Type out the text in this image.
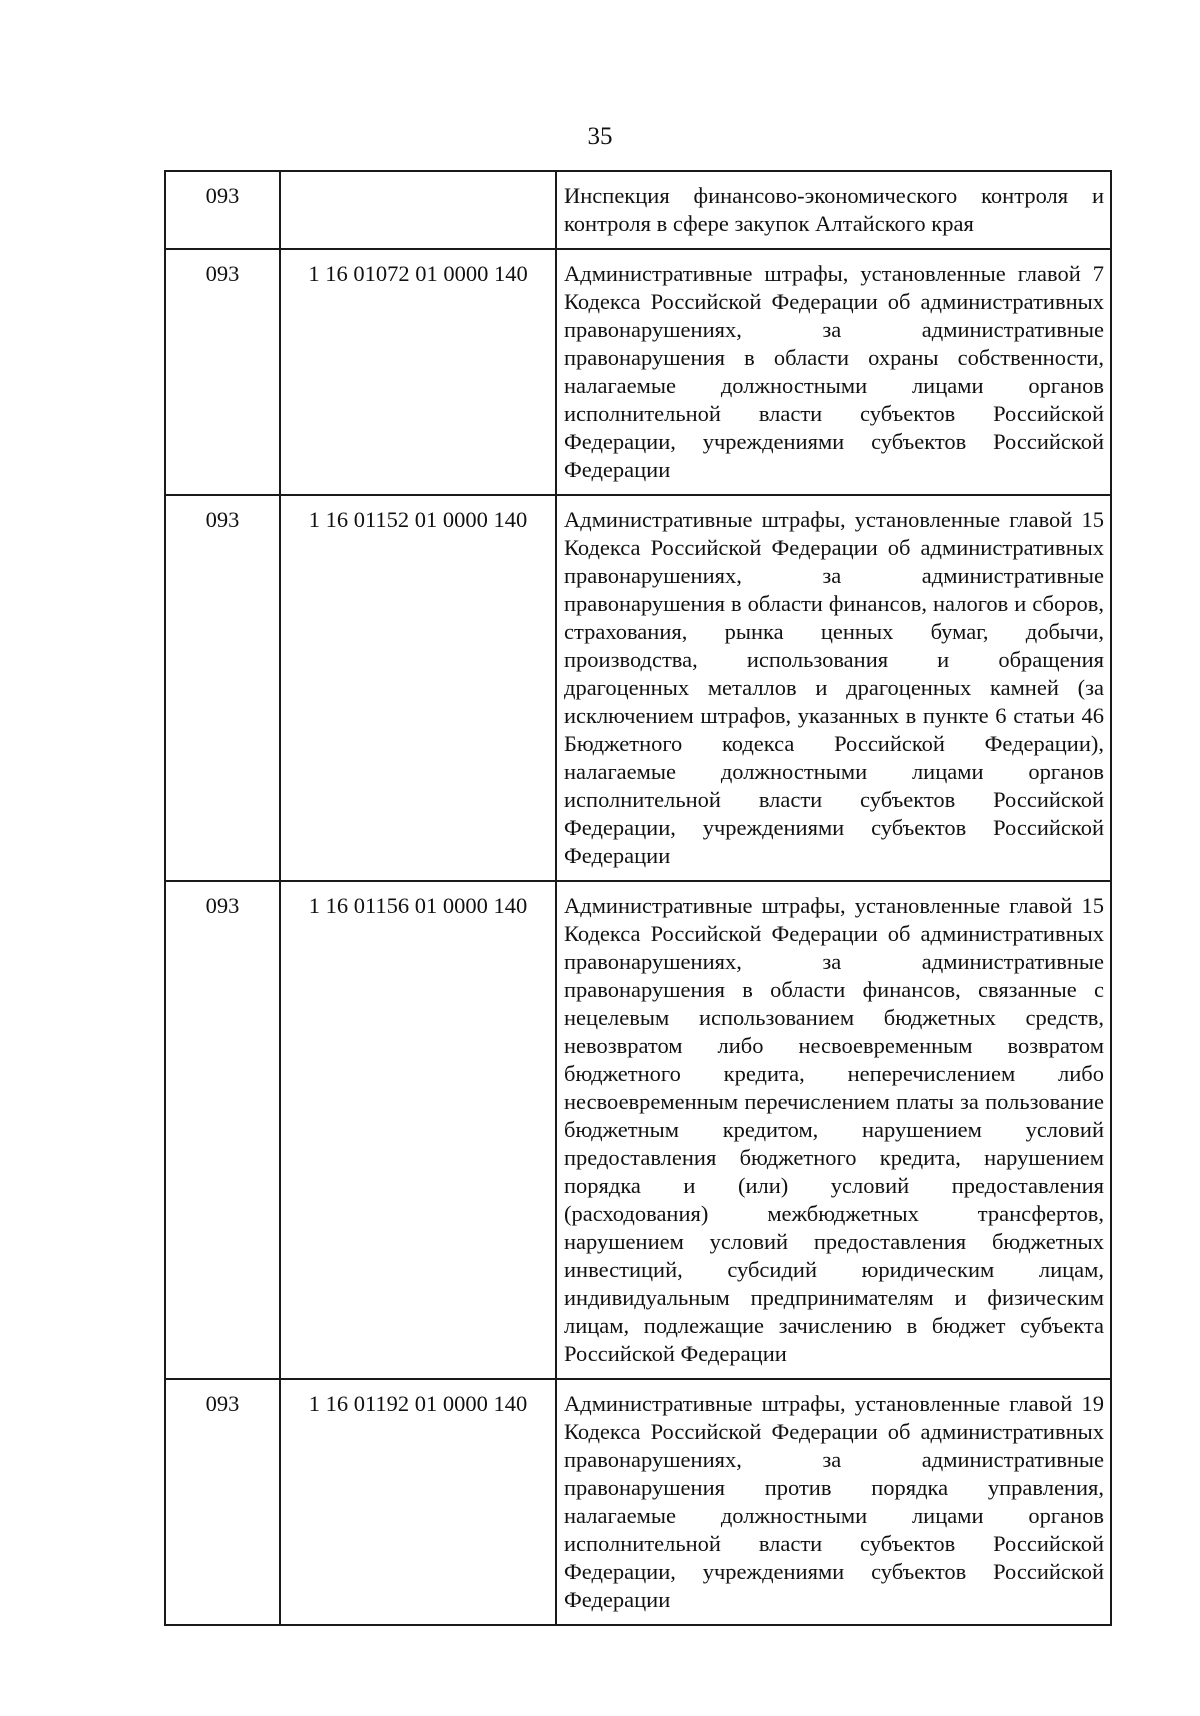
35
093		Инспекция финансово-экономического контроля и контроля в сфере закупок Алтайского края
093	1 16 01072 01 0000 140	Административные штрафы, установленные главой 7 Кодекса Российской Федерации об административных правонарушениях, за административные правонарушения в области охраны собственности, налагаемые должностными лицами органов исполнительной власти субъектов Российской Федерации, учреждениями субъектов Российской Федерации
093	1 16 01152 01 0000 140	Административные штрафы, установленные главой 15 Кодекса Российской Федерации об административных правонарушениях, за административные правонарушения в области финансов, налогов и сборов, страхования, рынка ценных бумаг, добычи, производства, использования и обращения драгоценных металлов и драгоценных камней (за исключением штрафов, указанных в пункте 6 статьи 46 Бюджетного кодекса Российской Федерации), налагаемые должностными лицами органов исполнительной власти субъектов Российской Федерации, учреждениями субъектов Российской Федерации
093	1 16 01156 01 0000 140	Административные штрафы, установленные главой 15 Кодекса Российской Федерации об административных правонарушениях, за административные правонарушения в области финансов, связанные с нецелевым использованием бюджетных средств, невозвратом либо несвоевременным возвратом бюджетного кредита, неперечислением либо несвоевременным перечислением платы за пользование бюджетным кредитом, нарушением условий предоставления бюджетного кредита, нарушением порядка и (или) условий предоставления (расходования) межбюджетных трансфертов, нарушением условий предоставления бюджетных инвестиций, субсидий юридическим лицам, индивидуальным предпринимателям и физическим лицам, подлежащие зачислению в бюджет субъекта Российской Федерации
093	1 16 01192 01 0000 140	Административные штрафы, установленные главой 19 Кодекса Российской Федерации об административных правонарушениях, за административные правонарушения против порядка управления, налагаемые должностными лицами органов исполнительной власти субъектов Российской Федерации, учреждениями субъектов Российской Федерации
